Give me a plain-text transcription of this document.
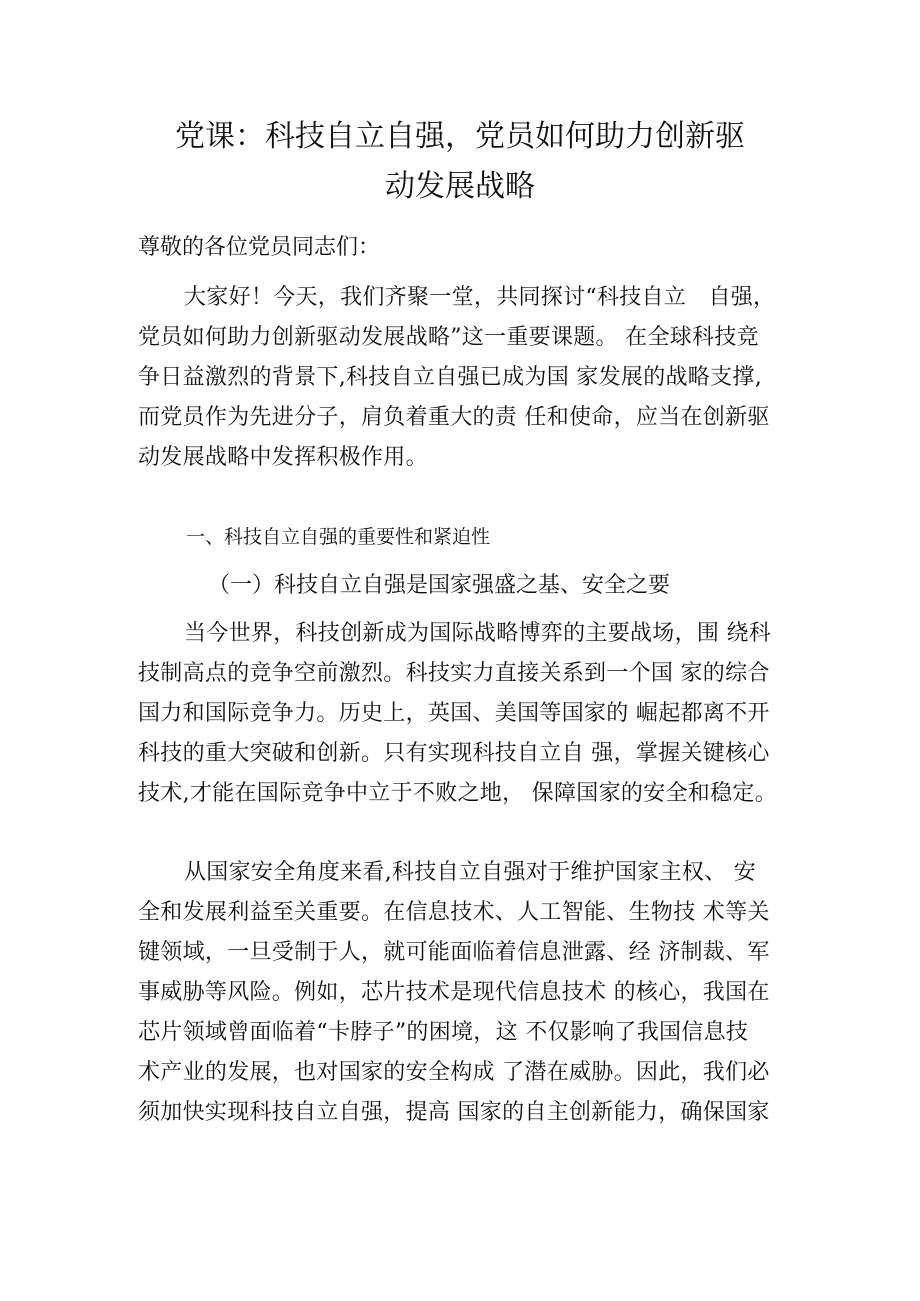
党课：科技自立自强，党员如何助力创新驱
动发展战略

尊敬的各位党员同志们：

大家好！今天，我们齐聚一堂，共同探讨“科技自立　自强，
党员如何助力创新驱动发展战略”这一重要课题。 在全球科技竞
争日益激烈的背景下,科技自立自强已成为国 家发展的战略支撑,
而党员作为先进分子，肩负着重大的责 任和使命，应当在创新驱
动发展战略中发挥积极作用。
一、科技自立自强的重要性和紧迫性
（一）科技自立自强是国家强盛之基、安全之要
当今世界，科技创新成为国际战略博弈的主要战场，围 绕科
技制高点的竞争空前激烈。科技实力直接关系到一个国 家的综合
国力和国际竞争力。历史上，英国、美国等国家的 崛起都离不开
科技的重大突破和创新。只有实现科技自立自 强，掌握关键核心
技术,才能在国际竞争中立于不败之地， 保障国家的安全和稳定。
从国家安全角度来看,科技自立自强对于维护国家主权、 安
全和发展利益至关重要。在信息技术、人工智能、生物技 术等关
键领域，一旦受制于人，就可能面临着信息泄露、经 济制裁、军
事威胁等风险。例如，芯片技术是现代信息技术 的核心，我国在
芯片领域曾面临着“卡脖子”的困境，这 不仅影响了我国信息技
术产业的发展，也对国家的安全构成 了潜在威胁。因此，我们必
须加快实现科技自立自强，提高 国家的自主创新能力，确保国家
